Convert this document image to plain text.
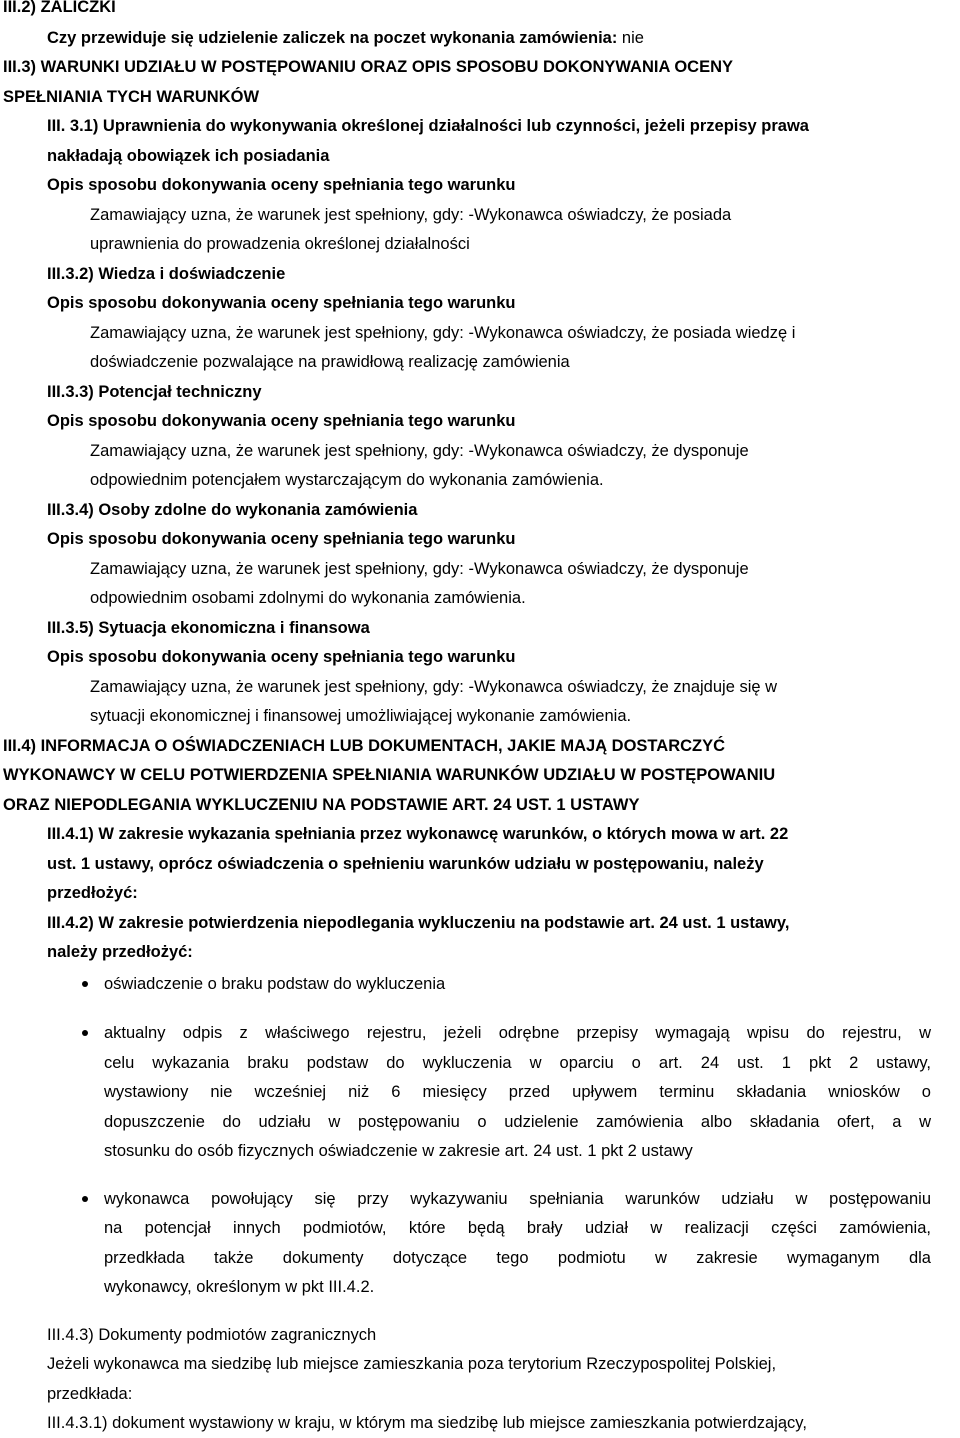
III.2) ZALICZKI
Czy przewiduje się udzielenie zaliczek na poczet wykonania zamówienia: nie
III.3) WARUNKI UDZIAŁU W POSTĘPOWANIU ORAZ OPIS SPOSOBU DOKONYWANIA OCENY
SPEŁNIANIA TYCH WARUNKÓW
III. 3.1) Uprawnienia do wykonywania określonej działalności lub czynności, jeżeli przepisy prawa
nakładają obowiązek ich posiadania
Opis sposobu dokonywania oceny spełniania tego warunku
Zamawiający uzna, że warunek jest spełniony, gdy: -Wykonawca oświadczy, że posiada
uprawnienia do prowadzenia określonej działalności
III.3.2) Wiedza i doświadczenie
Opis sposobu dokonywania oceny spełniania tego warunku
Zamawiający uzna, że warunek jest spełniony, gdy: -Wykonawca oświadczy, że posiada wiedzę i
doświadczenie pozwalające na prawidłową realizację zamówienia
III.3.3) Potencjał techniczny
Opis sposobu dokonywania oceny spełniania tego warunku
Zamawiający uzna, że warunek jest spełniony, gdy: -Wykonawca oświadczy, że dysponuje
odpowiednim potencjałem wystarczającym do wykonania zamówienia.
III.3.4) Osoby zdolne do wykonania zamówienia
Opis sposobu dokonywania oceny spełniania tego warunku
Zamawiający uzna, że warunek jest spełniony, gdy: -Wykonawca oświadczy, że dysponuje
odpowiednim osobami zdolnymi do wykonania zamówienia.
III.3.5) Sytuacja ekonomiczna i finansowa
Opis sposobu dokonywania oceny spełniania tego warunku
Zamawiający uzna, że warunek jest spełniony, gdy: -Wykonawca oświadczy, że znajduje się w
sytuacji ekonomicznej i finansowej umożliwiającej wykonanie zamówienia.
III.4) INFORMACJA O OŚWIADCZENIACH LUB DOKUMENTACH, JAKIE MAJĄ DOSTARCZYĆ
WYKONAWCY W CELU POTWIERDZENIA SPEŁNIANIA WARUNKÓW UDZIAŁU W POSTĘPOWANIU
ORAZ NIEPODLEGANIA WYKLUCZENIU NA PODSTAWIE ART. 24 UST. 1 USTAWY
III.4.1) W zakresie wykazania spełniania przez wykonawcę warunków, o których mowa w art. 22
ust. 1 ustawy, oprócz oświadczenia o spełnieniu warunków udziału w postępowaniu, należy
przedłożyć:
III.4.2) W zakresie potwierdzenia niepodlegania wykluczeniu na podstawie art. 24 ust. 1 ustawy,
należy przedłożyć:
oświadczenie o braku podstaw do wykluczenia
aktualny odpis z właściwego rejestru, jeżeli odrębne przepisy wymagają wpisu do rejestru, w
celu wykazania braku podstaw do wykluczenia w oparciu o art. 24 ust. 1 pkt 2 ustawy,
wystawiony nie wcześniej niż 6 miesięcy przed upływem terminu składania wniosków o
dopuszczenie do udziału w postępowaniu o udzielenie zamówienia albo składania ofert, a w
stosunku do osób fizycznych oświadczenie w zakresie art. 24 ust. 1 pkt 2 ustawy
wykonawca powołujący się przy wykazywaniu spełniania warunków udziału w postępowaniu
na potencjał innych podmiotów, które będą brały udział w realizacji części zamówienia,
przedkłada także dokumenty dotyczące tego podmiotu w zakresie wymaganym dla
wykonawcy, określonym w pkt III.4.2.
III.4.3) Dokumenty podmiotów zagranicznych
Jeżeli wykonawca ma siedzibę lub miejsce zamieszkania poza terytorium Rzeczypospolitej Polskiej,
przedkłada:
III.4.3.1) dokument wystawiony w kraju, w którym ma siedzibę lub miejsce zamieszkania potwierdzający,
